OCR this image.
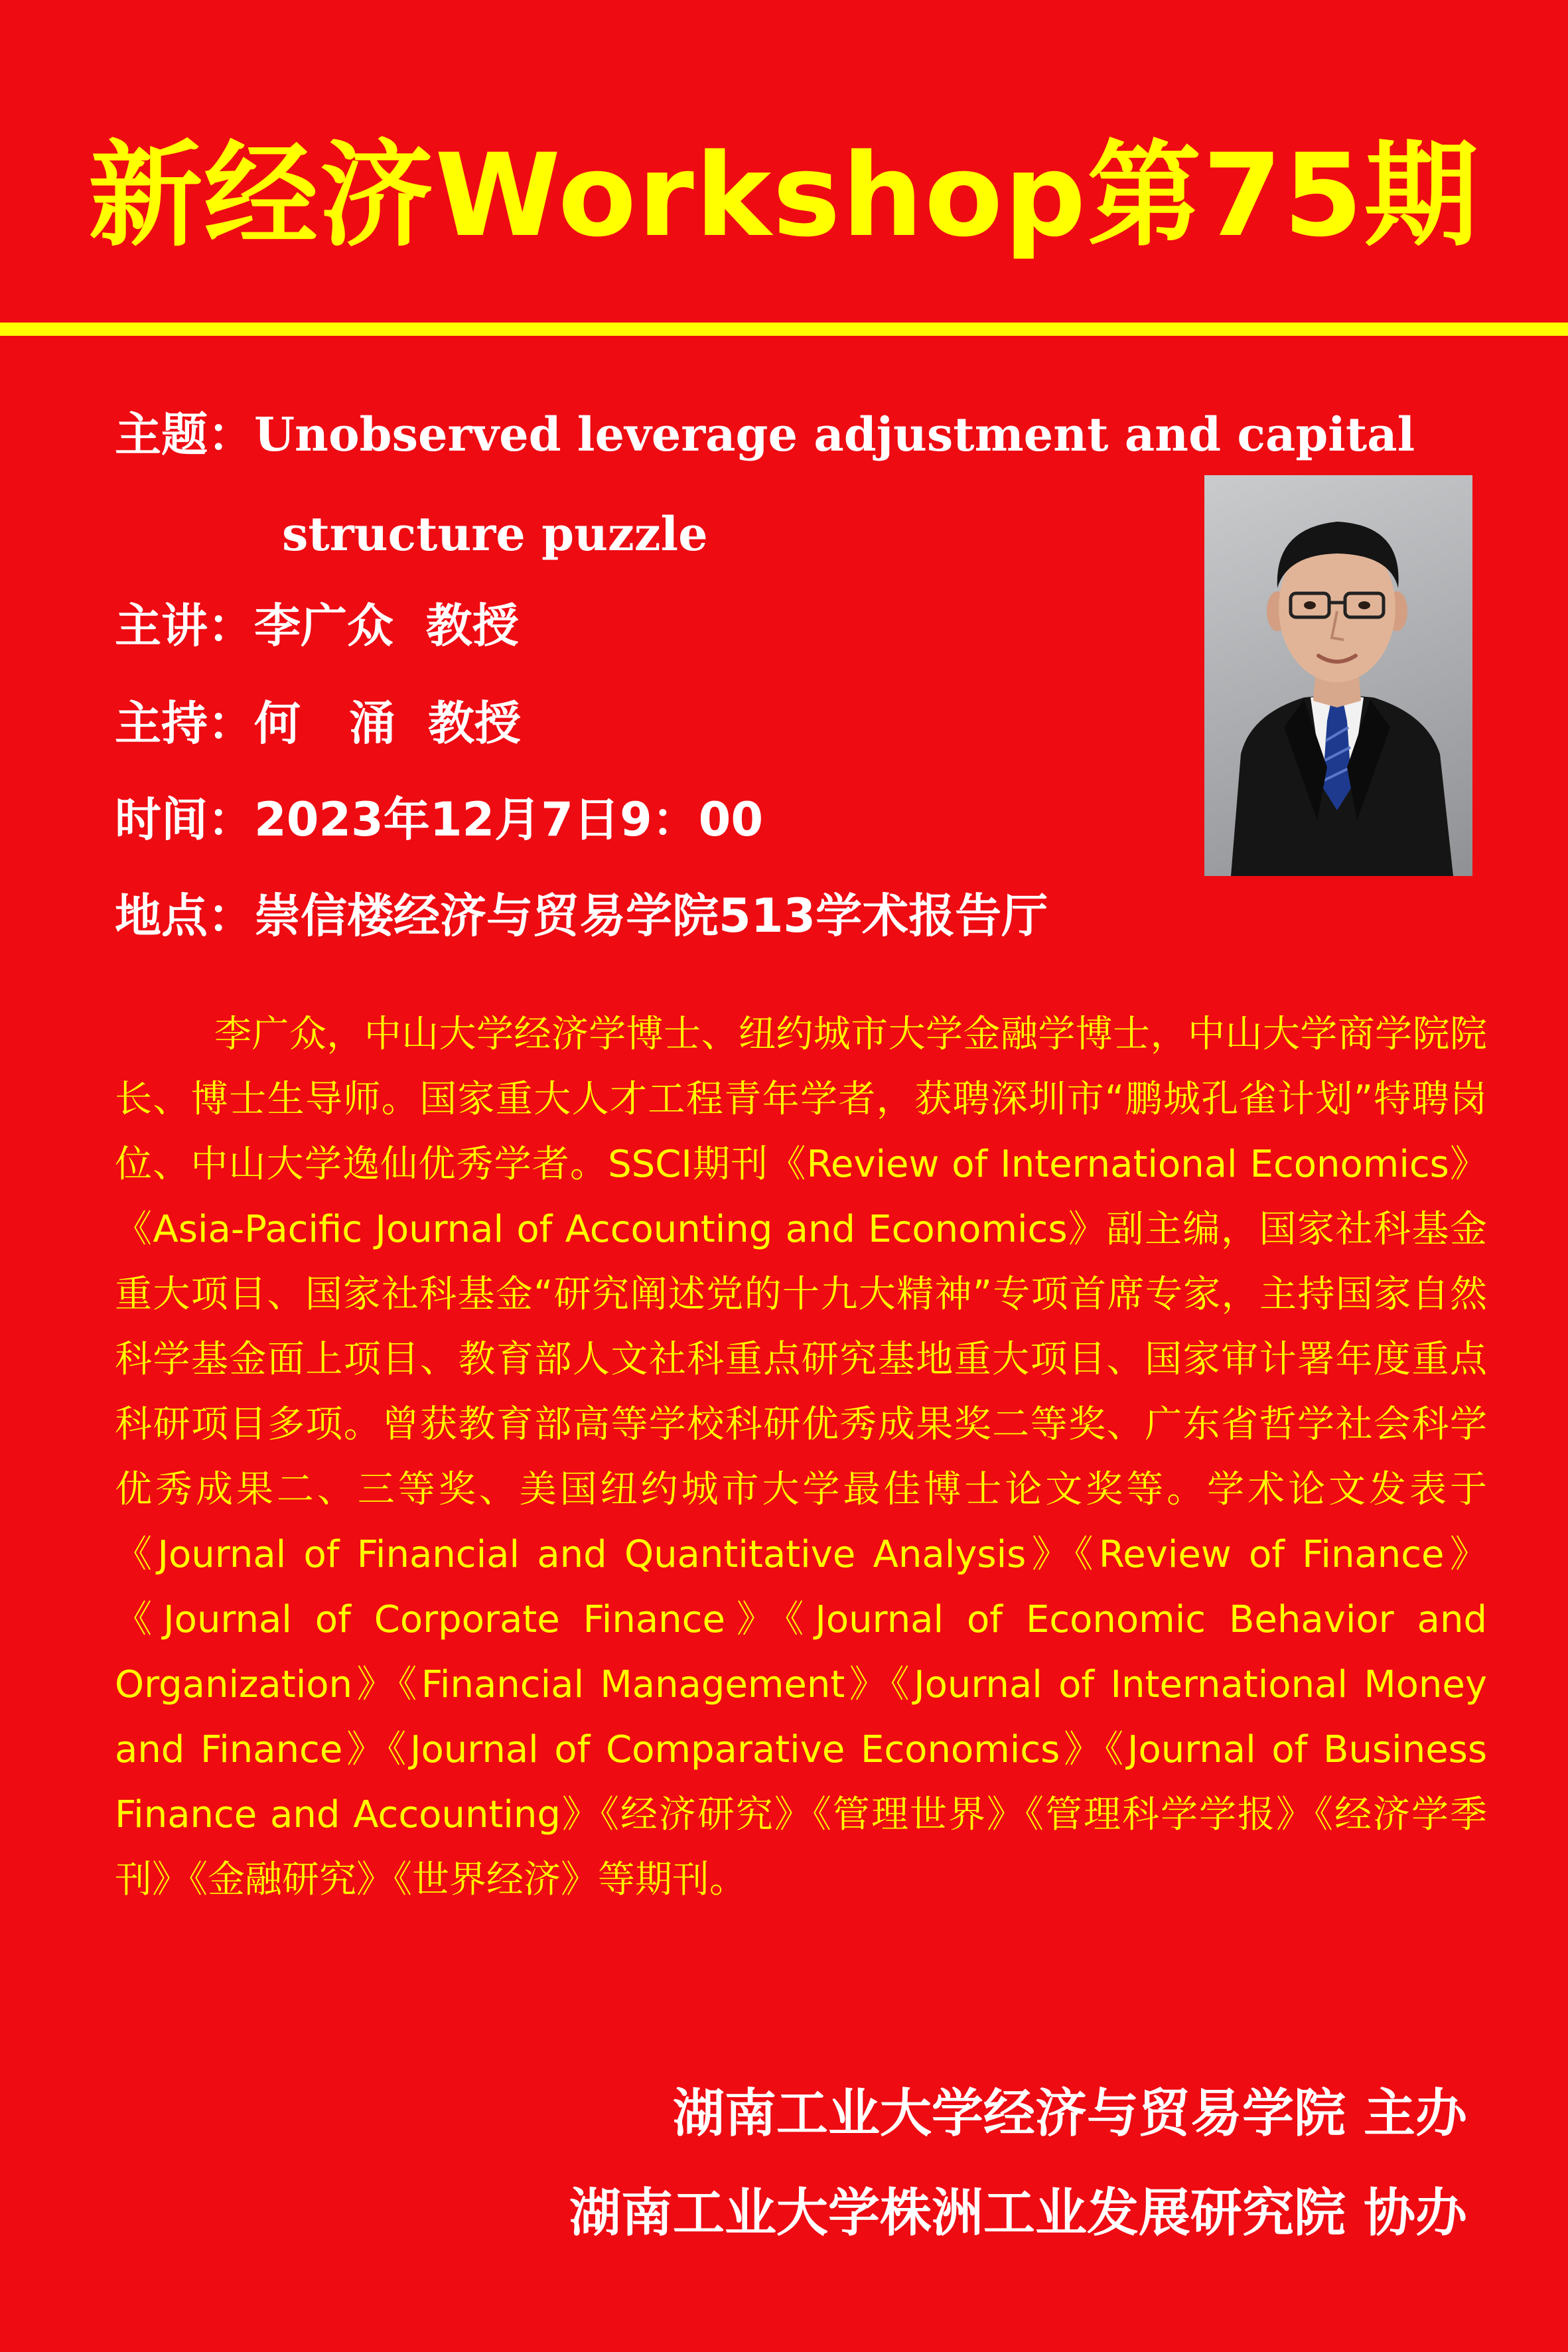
新经济Workshop第75期
主题：Unobserved leverage adjustment and capital
structure puzzle
主讲：李广众  教授
主持：何   涌  教授
时间：2023年12月7日9：00
地点：崇信楼经济与贸易学院513学术报告厅

李广众，中山大学经济学博士、纽约城市大学金融学博士，中山大学商学院院长、博士生导师。国家重大人才工程青年学者，获聘深圳市“鹏城孔雀计划”特聘岗位、中山大学逸仙优秀学者。SSCI期刊《Review of International Economics》《Asia-Pacific Journal of Accounting and Economics》副主编，国家社科基金重大项目、国家社科基金“研究阐述党的十九大精神”专项首席专家，主持国家自然科学基金面上项目、教育部人文社科重点研究基地重大项目、国家审计署年度重点科研项目多项。曾获教育部高等学校科研优秀成果奖二等奖、广东省哲学社会科学优秀成果二、三等奖、美国纽约城市大学最佳博士论文奖等。学术论文发表于《Journal of Financial and Quantitative Analysis》《Review of Finance》《Journal of Corporate Finance》《Journal of Economic Behavior and Organization》《Financial Management》《Journal of International Money and Finance》《Journal of Comparative Economics》《Journal of Business Finance and Accounting》《经济研究》《管理世界》《管理科学学报》《经济学季刊》《金融研究》《世界经济》等期刊。

湖南工业大学经济与贸易学院 主办
湖南工业大学株洲工业发展研究院 协办
